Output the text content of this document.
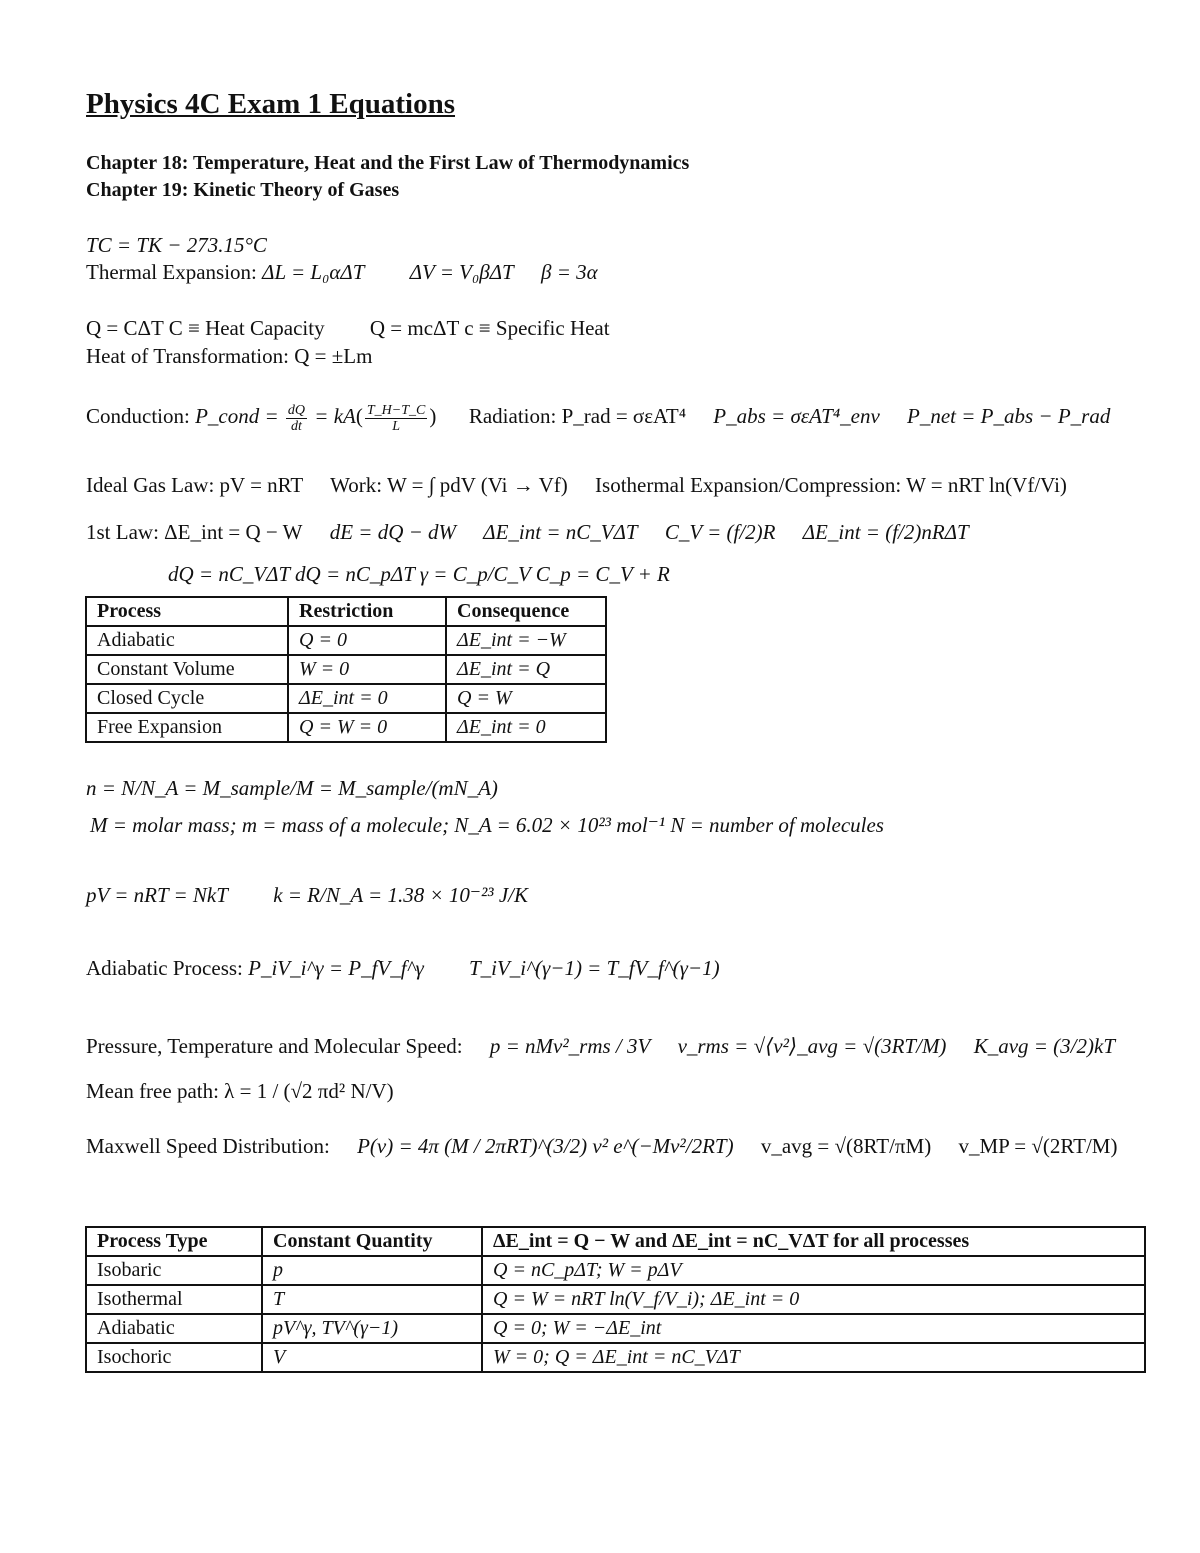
Physics 4C Exam 1 Equations
Chapter 18: Temperature, Heat and the First Law of Thermodynamics
Chapter 19: Kinetic Theory of Gases
TC = TK − 273.15°C
Thermal Expansion: ΔL = L₀αΔT ΔV = V₀βΔT β = 3α
Q = CΔT C ≡ Heat Capacity Q = mcΔT c ≡ Specific Heat
Heat of Transformation: Q = ±Lm
Conduction: P_cond = $\frac{dQ}{dt} = kA( \frac{T\_H-T\_C}{L}$ )  Radiation: P_rad = σεAT⁴ P_abs = σεAT⁴_env P_net = P_abs − P_rad
Ideal Gas Law: pV = nRT Work: W = ∫ pdV (Vi → Vf) Isothermal Expansion/Compression: W = nRT ln(Vf/Vi)
1st Law: ΔE_int = Q − W dE = dQ − dW ΔE_int = nC_VΔT C_V = (f/2)R ΔE_int = (f/2)nRΔT
dQ = nC_VΔT dQ = nC_pΔT γ = C_p/C_V C_p = C_V + R
Process	Restriction	Consequence
Adiabatic	Q = 0	ΔE_int = −W
Constant Volume	W = 0	ΔE_int = Q
Closed Cycle	ΔE_int = 0	Q = W
Free Expansion	Q = W = 0	ΔE_int = 0
n = N/N_A = M_sample/M = M_sample/(mN_A)
M = molar mass; m = mass of a molecule; N_A = 6.02 × 10²³ mol⁻¹ N = number of molecules
pV = nRT = NkT k = R/N_A = 1.38 × 10⁻²³ J/K
Adiabatic Process: P_iV_i^γ = P_fV_f^γ T_iV_i^(γ−1) = T_fV_f^(γ−1)
Pressure, Temperature and Molecular Speed: p = nMv²_rms / 3V v_rms = √⟨v²⟩_avg = √(3RT/M) K_avg = (3/2)kT
Mean free path: λ = 1 / (√2 πd² N/V)
Maxwell Speed Distribution: P(v) = 4π (M / 2πRT)^(3/2) v² e^(−Mv²/2RT) v_avg = √(8RT/πM) v_MP = √(2RT/M)
Process Type	Constant Quantity	ΔE_int = Q − W and ΔE_int = nC_VΔT for all processes
Isobaric	p	Q = nC_pΔT; W = pΔV
Isothermal	T	Q = W = nRT ln(V_f/V_i); ΔE_int = 0
Adiabatic	pV^γ, TV^(γ−1)	Q = 0; W = −ΔE_int
Isochoric	V	W = 0; Q = ΔE_int = nC_VΔT
